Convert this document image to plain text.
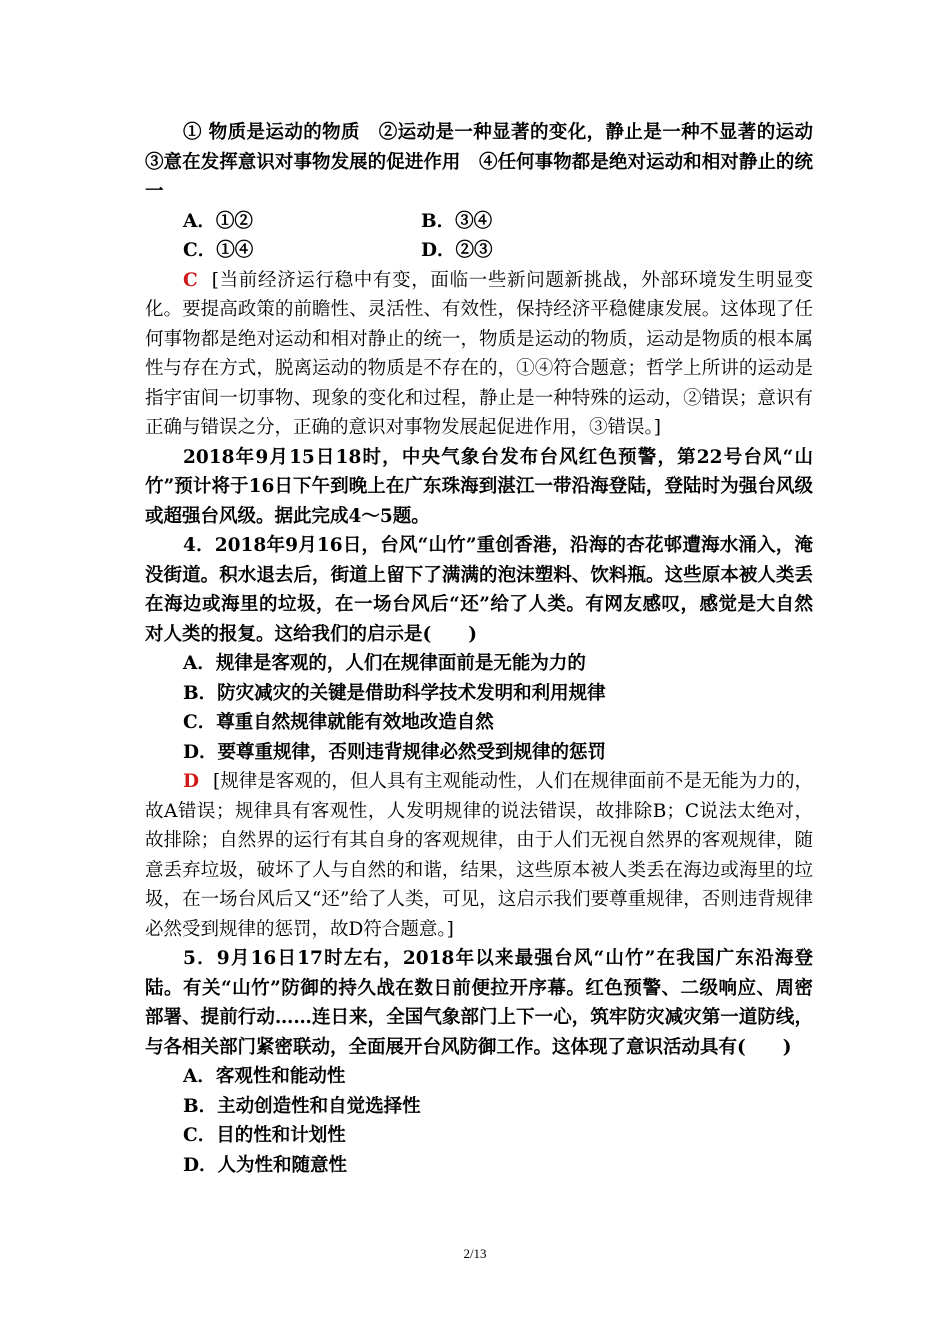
① 物质是运动的物质　②运动是一种显著的变化，静止是一种不显著的运动　③意在发挥意识对事物发展的促进作用　④任何事物都是绝对运动和相对静止的统一

A．①②	B．③④
C．①④	D．②③

C [当前经济运行稳中有变，面临一些新问题新挑战，外部环境发生明显变化。要提高政策的前瞻性、灵活性、有效性，保持经济平稳健康发展。这体现了任何事物都是绝对运动和相对静止的统一，物质是运动的物质，运动是物质的根本属性与存在方式，脱离运动的物质是不存在的，①④符合题意；哲学上所讲的运动是指宇宙间一切事物、现象的变化和过程，静止是一种特殊的运动，②错误；意识有正确与错误之分，正确的意识对事物发展起促进作用，③错误。]

2018年9月15日18时，中央气象台发布台风红色预警，第22号台风“山竹”预计将于16日下午到晚上在广东珠海到湛江一带沿海登陆，登陆时为强台风级或超强台风级。据此完成4～5题。

4．2018年9月16日，台风“山竹”重创香港，沿海的杏花邨遭海水涌入，淹没街道。积水退去后，街道上留下了满满的泡沫塑料、饮料瓶。这些原本被人类丢在海边或海里的垃圾，在一场台风后“还”给了人类。有网友感叹，感觉是大自然对人类的报复。这给我们的启示是(　　)

A．规律是客观的，人们在规律面前是无能为力的

B．防灾减灾的关键是借助科学技术发明和利用规律

C．尊重自然规律就能有效地改造自然

D．要尊重规律，否则违背规律必然受到规律的惩罚

D [规律是客观的，但人具有主观能动性，人们在规律面前不是无能为力的，故A错误；规律具有客观性，人发明规律的说法错误，故排除B；C说法太绝对，故排除；自然界的运行有其自身的客观规律，由于人们无视自然界的客观规律，随意丢弃垃圾，破坏了人与自然的和谐，结果，这些原本被人类丢在海边或海里的垃圾，在一场台风后又“还”给了人类，可见，这启示我们要尊重规律，否则违背规律必然受到规律的惩罚，故D符合题意。]

5．9月16日17时左右，2018年以来最强台风“山竹”在我国广东沿海登陆。有关“山竹”防御的持久战在数日前便拉开序幕。红色预警、二级响应、周密部署、提前行动……连日来，全国气象部门上下一心，筑牢防灾减灾第一道防线，与各相关部门紧密联动，全面展开台风防御工作。这体现了意识活动具有(　　)

A．客观性和能动性

B．主动创造性和自觉选择性

C．目的性和计划性

D．人为性和随意性

2/13
